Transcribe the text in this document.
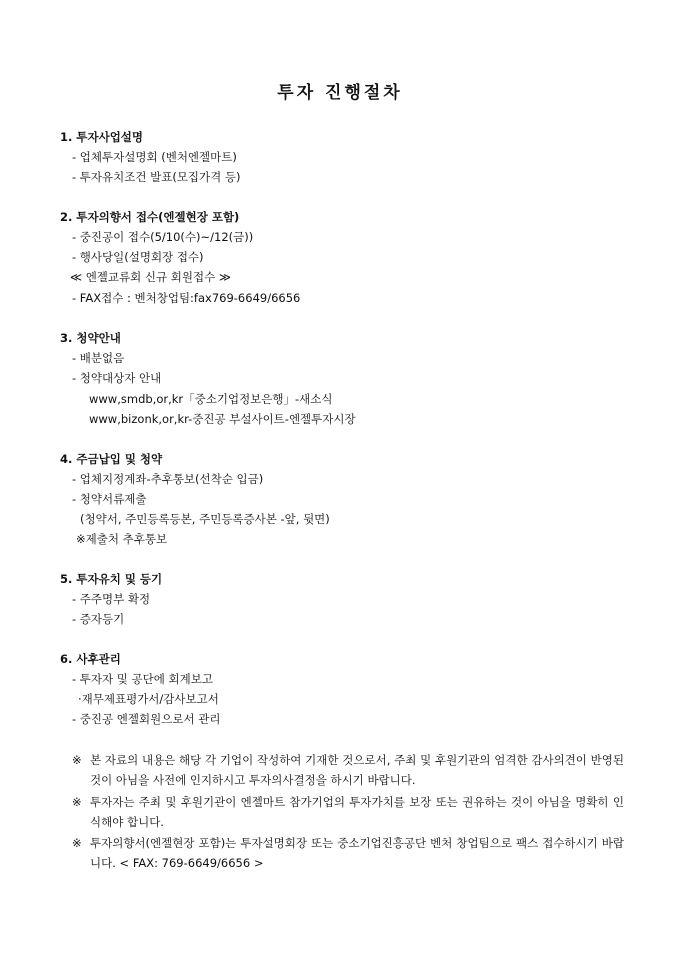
투자 진행절차
1. 투자사업설명
- 업체투자설명회 (벤처엔젤마트)
- 투자유치조건 발표(모집가격 등)
2. 투자의향서 접수(엔젤현장 포함)
- 중진공이 접수(5/10(수)~/12(금))
- 행사당일(설명회장 접수)
≪ 엔젤교류회 신규 회원접수 ≫
- FAX접수 : 벤처창업팀:fax769-6649/6656
3. 청약안내
- 배분없음
- 청약대상자 안내
www,smdb,or,kr「중소기업정보은행」-새소식
www,bizonk,or,kr-중진공 부설사이트-엔젤투자시장
4. 주금납입 및 청약
- 업체지정계좌-추후통보(선착순 입금)
- 청약서류제출
(청약서, 주민등록등본, 주민등록증사본 -앞, 뒷면)
※제출처 추후통보
5. 투자유치 및 등기
- 주주명부 확정
- 증자등기
6. 사후관리
- 투자자 및 공단에 회계보고
·재무제표평가서/감사보고서
- 중진공 엔젤회원으로서 관리
※ 본 자료의 내용은 해당 각 기업이 작성하여 기재한 것으로서, 주최 및 후원기관의 엄격한 감사의견이 반영된 것이 아님을 사전에 인지하시고 투자의사결정을 하시기 바랍니다.
※ 투자자는 주최 및 후원기관이 엔젤마트 참가기업의 투자가치를 보장 또는 권유하는 것이 아님을 명확히 인식해야 합니다.
※ 투자의향서(엔젤현장 포함)는 투자설명회장 또는 중소기업진흥공단 벤처 창업팀으로 팩스 접수하시기 바랍니다. < FAX: 769-6649/6656 >
